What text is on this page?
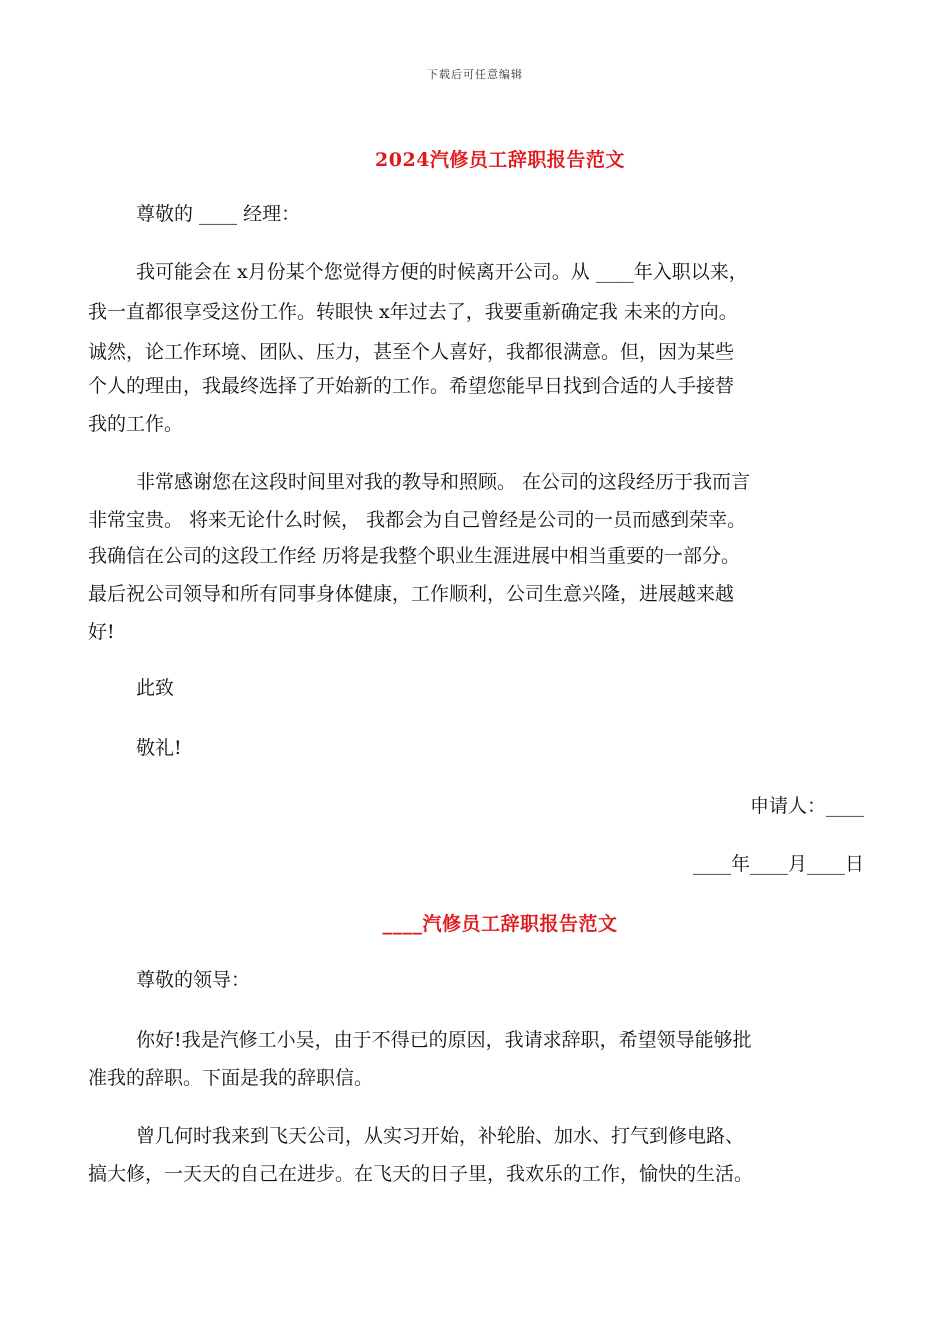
下载后可任意编辑
2024汽修员工辞职报告范文
尊敬的 ____ 经理：
我可能会在 x月份某个您觉得方便的时候离开公司。从 ____年入职以来，
我一直都很享受这份工作。转眼快 x年过去了，我要重新确定我 未来的方向。
诚然，论工作环境、团队、压力，甚至个人喜好，我都很满意。但，因为某些
个人的理由，我最终选择了开始新的工作。希望您能早日找到合适的人手接替
我的工作。
非常感谢您在这段时间里对我的教导和照顾。 在公司的这段经历于我而言
非常宝贵。 将来无论什么时候， 我都会为自己曾经是公司的一员而感到荣幸。
我确信在公司的这段工作经 历将是我整个职业生涯进展中相当重要的一部分。
最后祝公司领导和所有同事身体健康，工作顺利，公司生意兴隆，进展越来越
好!
此致
敬礼!
申请人：____
____年____月____日
____汽修员工辞职报告范文
尊敬的领导：
你好!我是汽修工小吴，由于不得已的原因，我请求辞职，希望领导能够批
准我的辞职。下面是我的辞职信。
曾几何时我来到飞天公司，从实习开始，补轮胎、加水、打气到修电路、
搞大修，一天天的自己在进步。在飞天的日子里，我欢乐的工作，愉快的生活。
